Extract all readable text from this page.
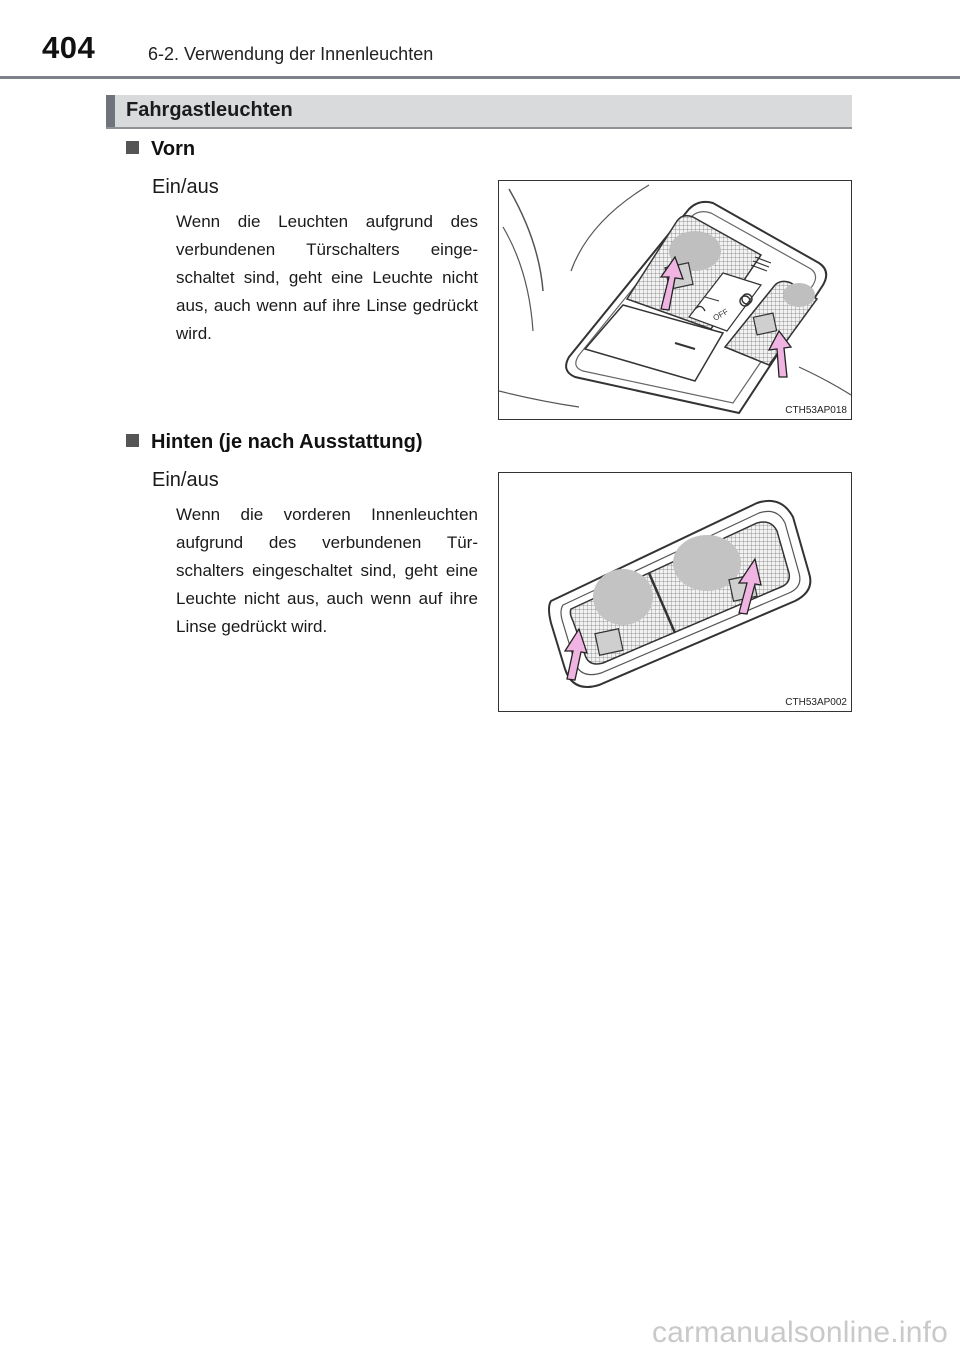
404	6-2. Verwendung der Innenleuchten
Fahrgastleuchten
Vorn
Ein/aus
Wenn die Leuchten aufgrund des verbundenen Türschalters einge-schaltet sind, geht eine Leuchte nicht aus, auch wenn auf ihre Linse gedrückt wird.
OFF
CTH53AP018
Hinten (je nach Ausstattung)
Ein/aus
Wenn die vorderen Innenleuchten aufgrund des verbundenen Tür-schalters eingeschaltet sind, geht eine Leuchte nicht aus, auch wenn auf ihre Linse gedrückt wird.
CTH53AP002
carmanualsonline.info
